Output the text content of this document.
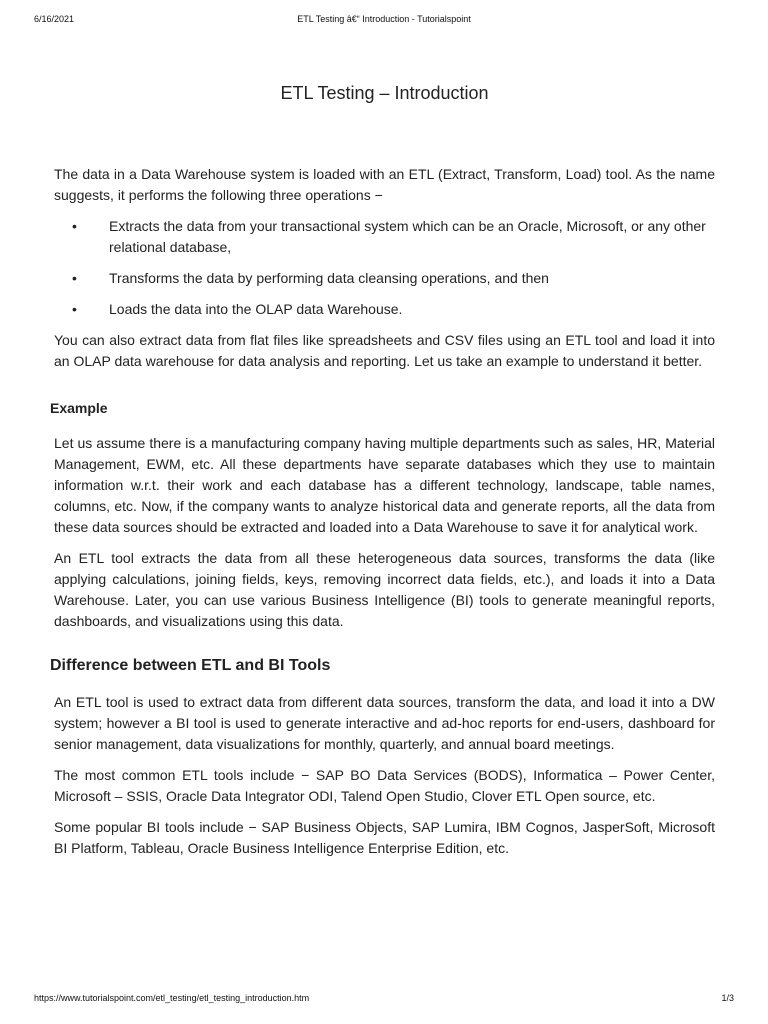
6/16/2021	ETL Testing â€“ Introduction - Tutorialspoint
ETL Testing – Introduction

The data in a Data Warehouse system is loaded with an ETL (Extract, Transform, Load) tool. As the name suggests, it performs the following three operations −

• Extracts the data from your transactional system which can be an Oracle, Microsoft, or any other relational database,
• Transforms the data by performing data cleansing operations, and then
• Loads the data into the OLAP data Warehouse.

You can also extract data from flat files like spreadsheets and CSV files using an ETL tool and load it into an OLAP data warehouse for data analysis and reporting. Let us take an example to understand it better.

Example

Let us assume there is a manufacturing company having multiple departments such as sales, HR, Material Management, EWM, etc. All these departments have separate databases which they use to maintain information w.r.t. their work and each database has a different technology, landscape, table names, columns, etc. Now, if the company wants to analyze historical data and generate reports, all the data from these data sources should be extracted and loaded into a Data Warehouse to save it for analytical work.

An ETL tool extracts the data from all these heterogeneous data sources, transforms the data (like applying calculations, joining fields, keys, removing incorrect data fields, etc.), and loads it into a Data Warehouse. Later, you can use various Business Intelligence (BI) tools to generate meaningful reports, dashboards, and visualizations using this data.

Difference between ETL and BI Tools

An ETL tool is used to extract data from different data sources, transform the data, and load it into a DW system; however a BI tool is used to generate interactive and ad-hoc reports for end-users, dashboard for senior management, data visualizations for monthly, quarterly, and annual board meetings.

The most common ETL tools include − SAP BO Data Services (BODS), Informatica – Power Center, Microsoft – SSIS, Oracle Data Integrator ODI, Talend Open Studio, Clover ETL Open source, etc.

Some popular BI tools include − SAP Business Objects, SAP Lumira, IBM Cognos, JasperSoft, Microsoft BI Platform, Tableau, Oracle Business Intelligence Enterprise Edition, etc.

https://www.tutorialspoint.com/etl_testing/etl_testing_introduction.htm	1/3
